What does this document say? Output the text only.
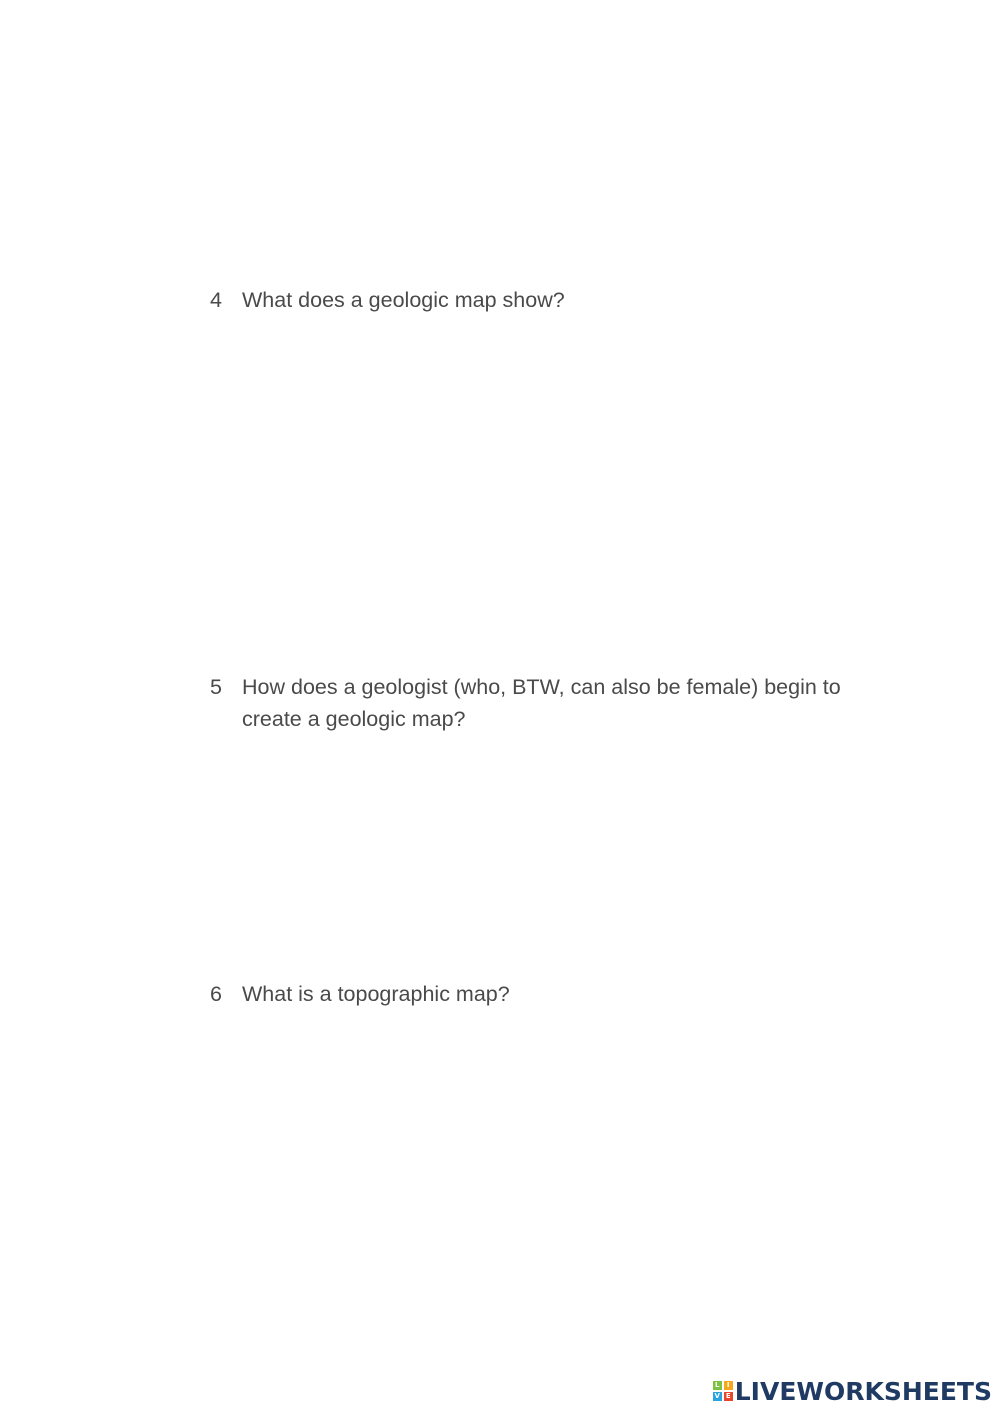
4 What does a geologic map show?
5 How does a geologist (who, BTW, can also be female) begin to create a geologic map?
6 What is a topographic map?
L	I
V E LIVEWORKSHEETS
